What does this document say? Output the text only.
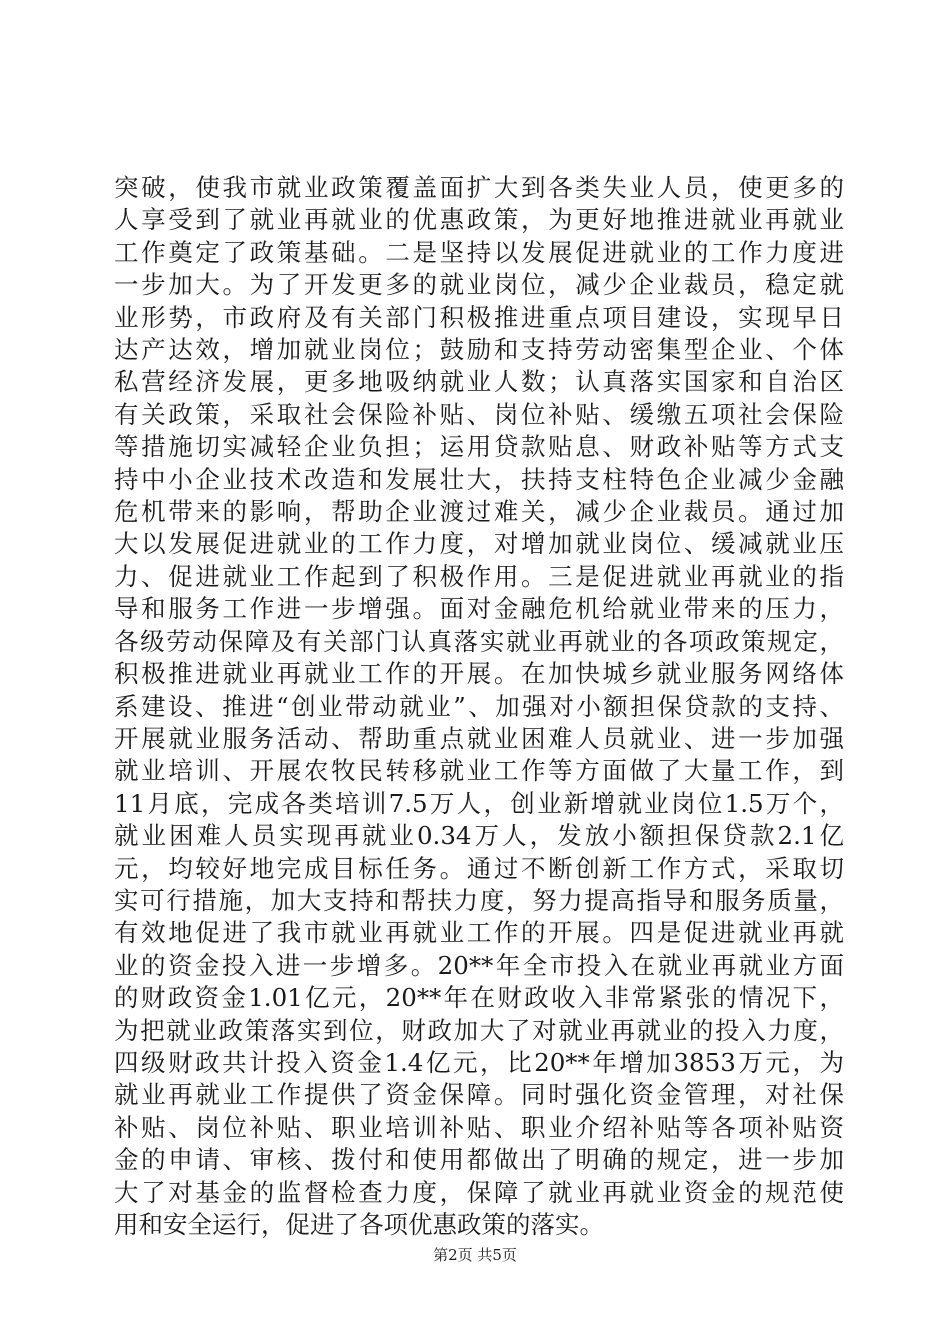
突破，使我市就业政策覆盖面扩大到各类失业人员，使更多的
人享受到了就业再就业的优惠政策，为更好地推进就业再就业
工作奠定了政策基础。二是坚持以发展促进就业的工作力度进
一步加大。为了开发更多的就业岗位，减少企业裁员，稳定就
业形势，市政府及有关部门积极推进重点项目建设，实现早日
达产达效，增加就业岗位；鼓励和支持劳动密集型企业、个体
私营经济发展，更多地吸纳就业人数；认真落实国家和自治区
有关政策，采取社会保险补贴、岗位补贴、缓缴五项社会保险
等措施切实减轻企业负担；运用贷款贴息、财政补贴等方式支
持中小企业技术改造和发展壮大，扶持支柱特色企业减少金融
危机带来的影响，帮助企业渡过难关，减少企业裁员。通过加
大以发展促进就业的工作力度，对增加就业岗位、缓减就业压
力、促进就业工作起到了积极作用。三是促进就业再就业的指
导和服务工作进一步增强。面对金融危机给就业带来的压力，
各级劳动保障及有关部门认真落实就业再就业的各项政策规定，
积极推进就业再就业工作的开展。在加快城乡就业服务网络体
系建设、推进“创业带动就业”、加强对小额担保贷款的支持、
开展就业服务活动、帮助重点就业困难人员就业、进一步加强
就业培训、开展农牧民转移就业工作等方面做了大量工作，到
11月底，完成各类培训7.5万人，创业新增就业岗位1.5万个，
就业困难人员实现再就业0.34万人，发放小额担保贷款2.1亿
元，均较好地完成目标任务。通过不断创新工作方式，采取切
实可行措施，加大支持和帮扶力度，努力提高指导和服务质量，
有效地促进了我市就业再就业工作的开展。四是促进就业再就
业的资金投入进一步增多。20**年全市投入在就业再就业方面
的财政资金1.01亿元，20**年在财政收入非常紧张的情况下，
为把就业政策落实到位，财政加大了对就业再就业的投入力度，
四级财政共计投入资金1.4亿元，比20**年增加3853万元，为
就业再就业工作提供了资金保障。同时强化资金管理，对社保
补贴、岗位补贴、职业培训补贴、职业介绍补贴等各项补贴资
金的申请、审核、拨付和使用都做出了明确的规定，进一步加
大了对基金的监督检查力度，保障了就业再就业资金的规范使
用和安全运行，促进了各项优惠政策的落实。
第2页 共5页
